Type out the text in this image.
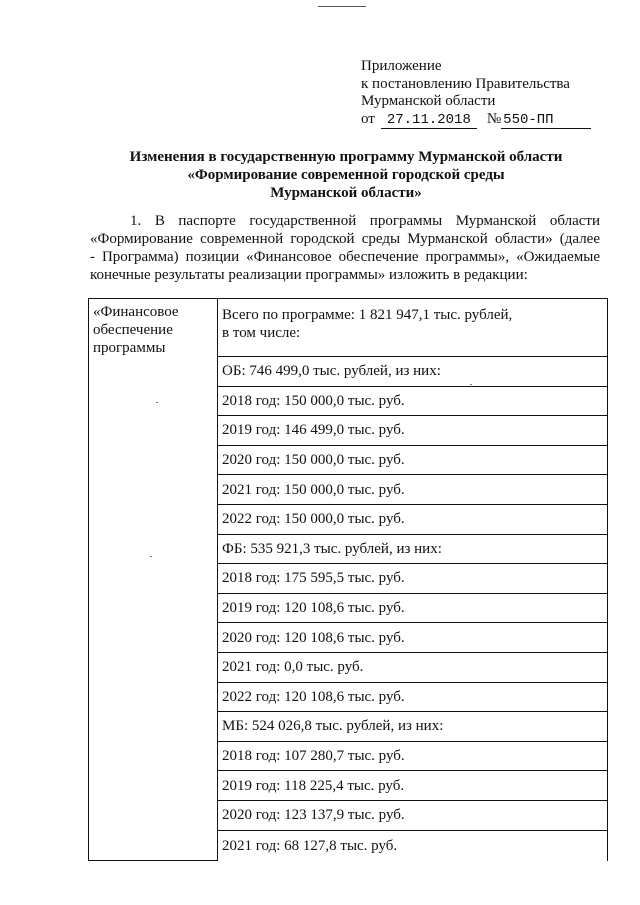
Приложение
к постановлению Правительства
Мурманской области
от 27.11.2018	№ 550-ПП
Изменения в государственную программу Мурманской области
«Формирование современной городской среды
Мурманской области»
1. В паспорте государственной программы Мурманской области
«Формирование современной городской среды Мурманской области» (далее
- Программа) позиции «Финансовое обеспечение программы», «Ожидаемые
конечные результаты реализации программы» изложить в редакции:
«Финансовое
обеспечение
программы

Всего по программе: 1 821 947,1 тыс. рублей,
в том числе:

ОБ: 746 499,0 тыс. рублей, из них:
2018 год: 150 000,0 тыс. руб.
2019 год: 146 499,0 тыс. руб.
2020 год: 150 000,0 тыс. руб.
2021 год: 150 000,0 тыс. руб.
2022 год: 150 000,0 тыс. руб.
ФБ: 535 921,3 тыс. рублей, из них:
2018 год: 175 595,5 тыс. руб.
2019 год: 120 108,6 тыс. руб.
2020 год: 120 108,6 тыс. руб.
2021 год: 0,0 тыс. руб.
2022 год: 120 108,6 тыс. руб.
МБ: 524 026,8 тыс. рублей, из них:
2018 год: 107 280,7 тыс. руб.
2019 год: 118 225,4 тыс. руб.
2020 год: 123 137,9 тыс. руб.
2021 год: 68 127,8 тыс. руб.
